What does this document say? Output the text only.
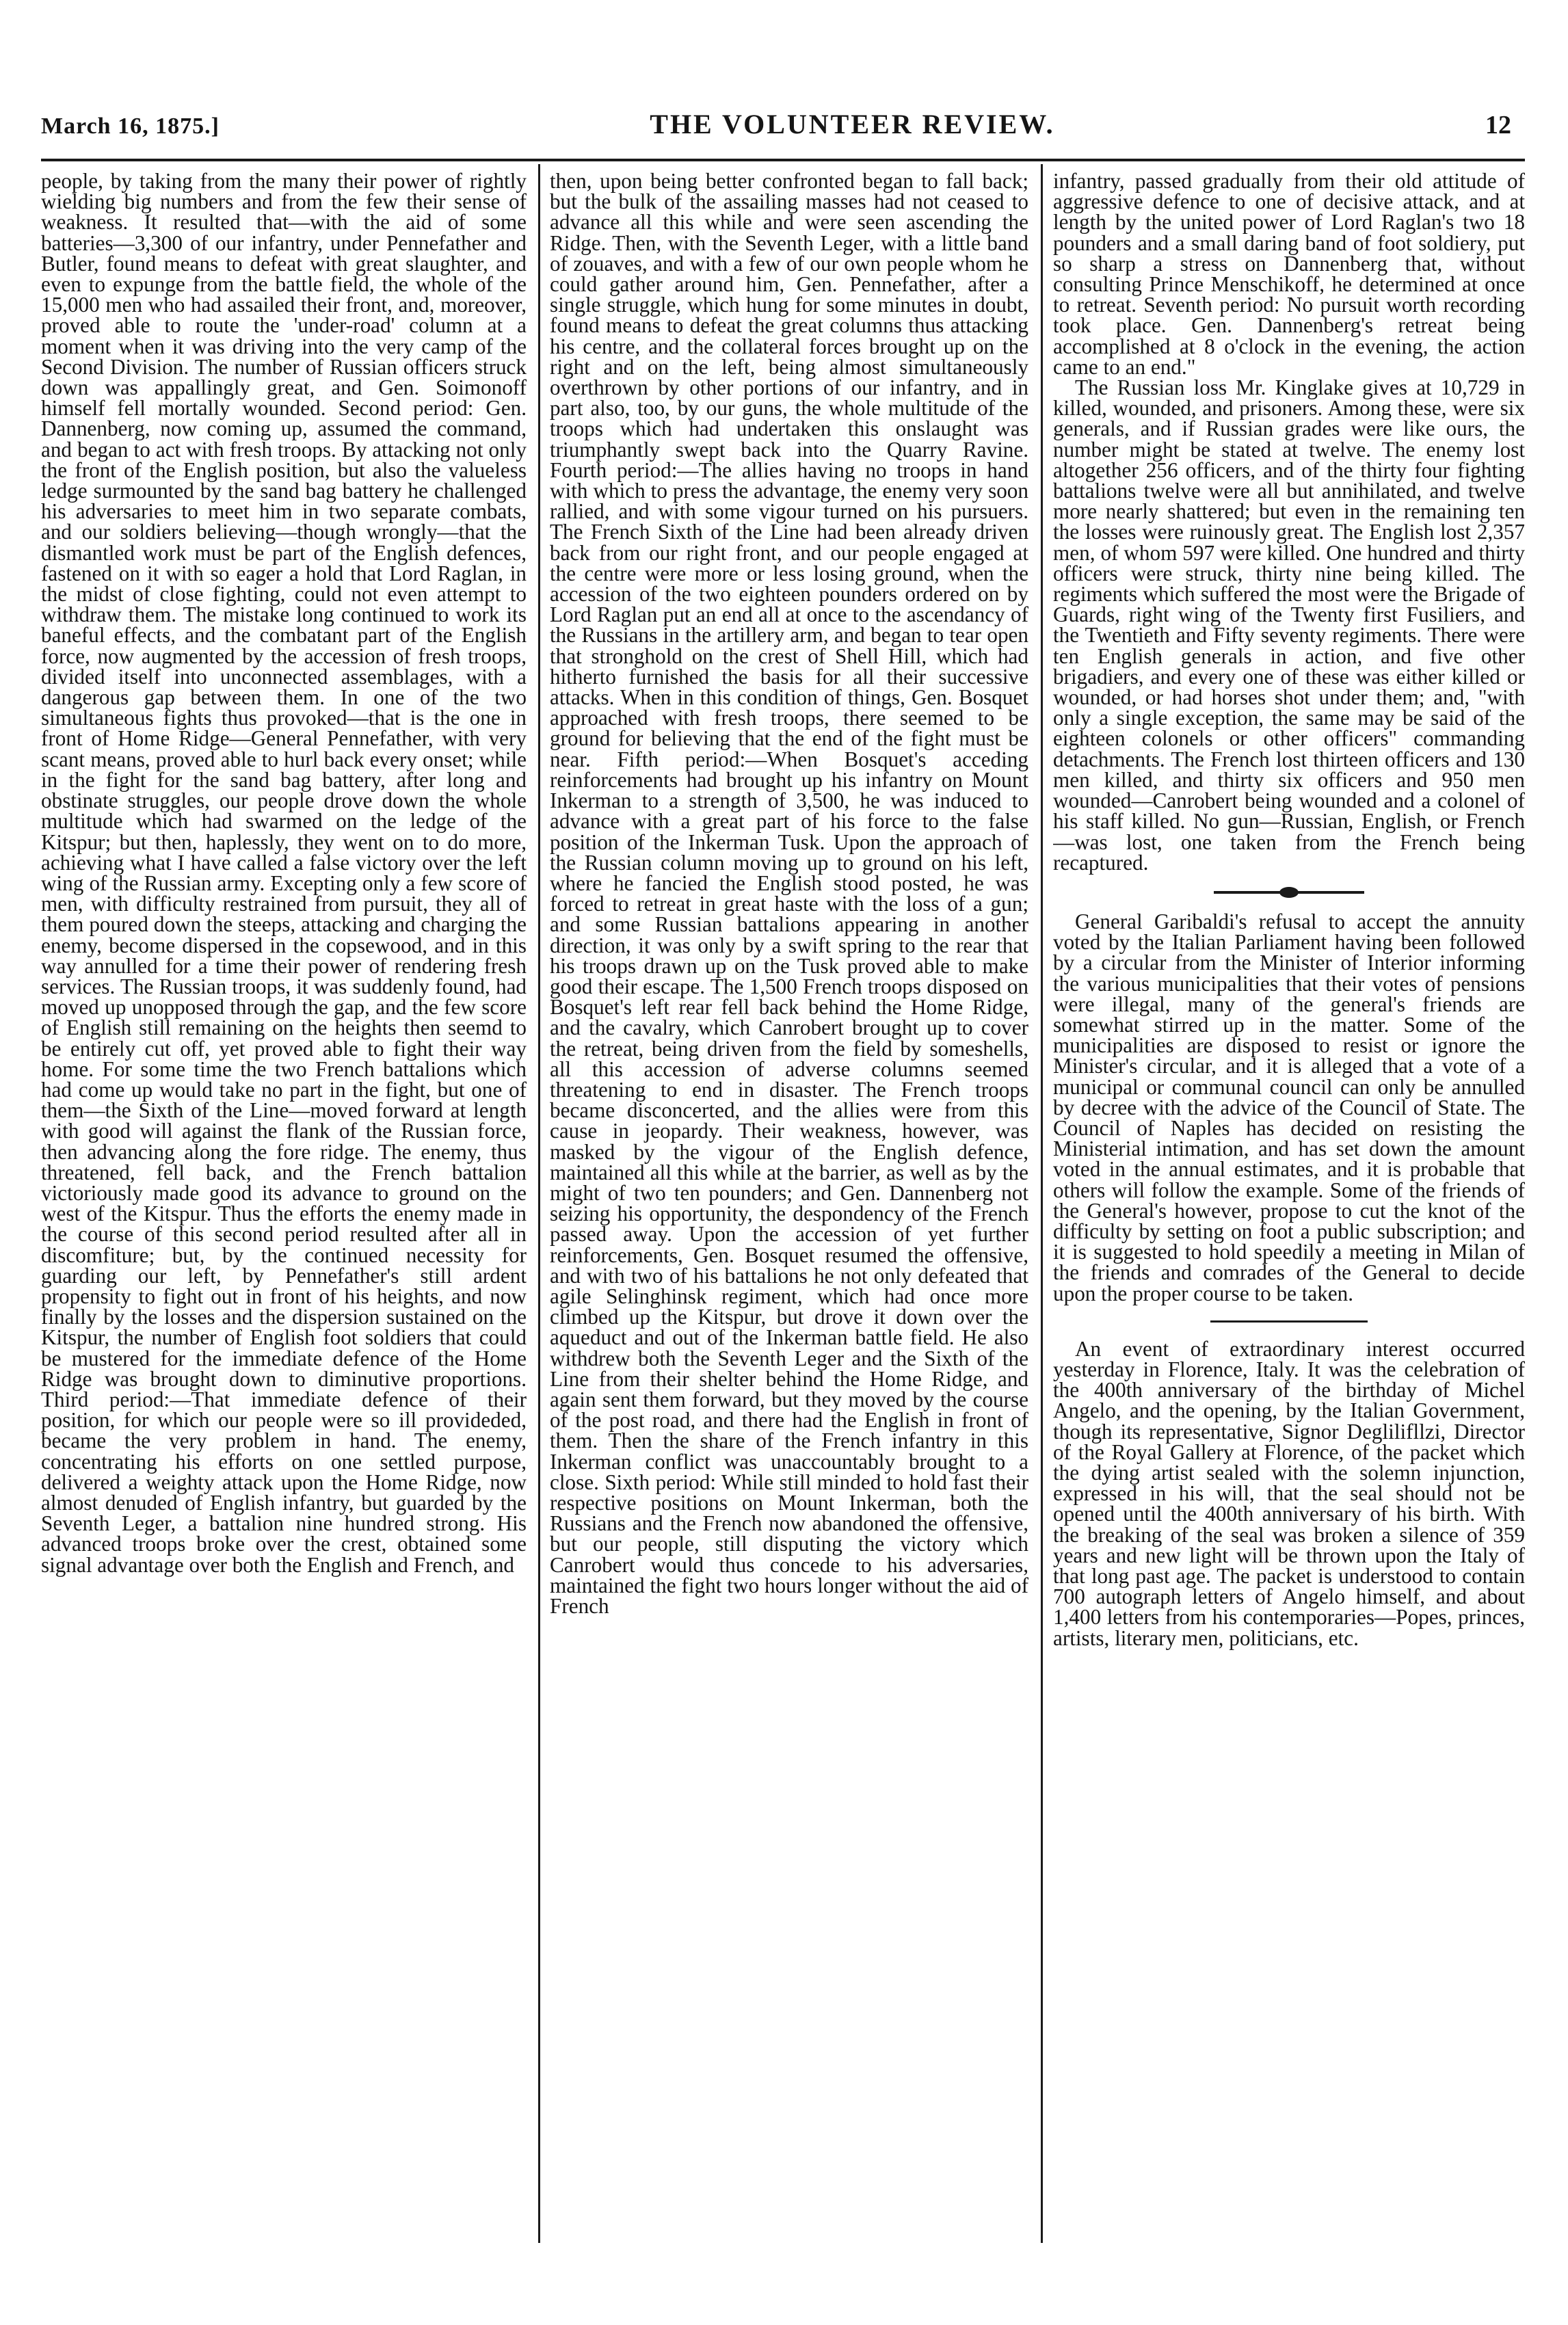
March 16, 1875.]	THE VOLUNTEER REVIEW.	12

people, by taking from the many their power of rightly wielding big numbers and from the few their sense of weakness. It resulted that—with the aid of some batteries—3,300 of our infantry, under Pennefather and Butler, found means to defeat with great slaughter, and even to expunge from the battle field, the whole of the 15,000 men who had assailed their front, and, moreover, proved able to route the 'under-road' column at a moment when it was driving into the very camp of the Second Division. The number of Russian officers struck down was appallingly great, and Gen. Soimonoff himself fell mortally wounded. Second period: Gen. Dannenberg, now coming up, assumed the command, and began to act with fresh troops. By attacking not only the front of the English position, but also the valueless ledge surmounted by the sand bag battery he challenged his adversaries to meet him in two separate combats, and our soldiers believing—though wrongly—that the dismantled work must be part of the English defences, fastened on it with so eager a hold that Lord Raglan, in the midst of close fighting, could not even attempt to withdraw them. The mistake long continued to work its baneful effects, and the combatant part of the English force, now augmented by the accession of fresh troops, divided itself into unconnected assemblages, with a dangerous gap between them. In one of the two simultaneous fights thus provoked—that is the one in front of Home Ridge—General Pennefather, with very scant means, proved able to hurl back every onset; while in the fight for the sand bag battery, after long and obstinate struggles, our people drove down the whole multitude which had swarmed on the ledge of the Kitspur; but then, haplessly, they went on to do more, achieving what I have called a false victory over the left wing of the Russian army. Excepting only a few score of men, with difficulty restrained from pursuit, they all of them poured down the steeps, attacking and charging the enemy, become dispersed in the copsewood, and in this way annulled for a time their power of rendering fresh services. The Russian troops, it was suddenly found, had moved up unopposed through the gap, and the few score of English still remaining on the heights then seemd to be entirely cut off, yet proved able to fight their way home. For some time the two French battalions which had come up would take no part in the fight, but one of them—the Sixth of the Line—moved forward at length with good will against the flank of the Russian force, then advancing along the fore ridge. The enemy, thus threatened, fell back, and the French battalion victoriously made good its advance to ground on the west of the Kitspur. Thus the efforts the enemy made in the course of this second period resulted after all in discomfiture; but, by the continued necessity for guarding our left, by Pennefather's still ardent propensity to fight out in front of his heights, and now finally by the losses and the dispersion sustained on the Kitspur, the number of English foot soldiers that could be mustered for the immediate defence of the Home Ridge was brought down to diminutive proportions. Third period:—That immediate defence of their position, for which our people were so ill provideded, became the very problem in hand. The enemy, concentrating his efforts on one settled purpose, delivered a weighty attack upon the Home Ridge, now almost denuded of English infantry, but guarded by the Seventh Leger, a battalion nine hundred strong. His advanced troops broke over the crest, obtained some signal advantage over both the English and French, and

then, upon being better confronted began to fall back; but the bulk of the assailing masses had not ceased to advance all this while and were seen ascending the Ridge. Then, with the Seventh Leger, with a little band of zouaves, and with a few of our own people whom he could gather around him, Gen. Pennefather, after a single struggle, which hung for some minutes in doubt, found means to defeat the great columns thus attacking his centre, and the collateral forces brought up on the right and on the left, being almost simultaneously overthrown by other portions of our infantry, and in part also, too, by our guns, the whole multitude of the troops which had undertaken this onslaught was triumphantly swept back into the Quarry Ravine. Fourth period:—The allies having no troops in hand with which to press the advantage, the enemy very soon rallied, and with some vigour turned on his pursuers. The French Sixth of the Line had been already driven back from our right front, and our people engaged at the centre were more or less losing ground, when the accession of the two eighteen pounders ordered on by Lord Raglan put an end all at once to the ascendancy of the Russians in the artillery arm, and began to tear open that stronghold on the crest of Shell Hill, which had hitherto furnished the basis for all their successive attacks. When in this condition of things, Gen. Bosquet approached with fresh troops, there seemed to be ground for believing that the end of the fight must be near. Fifth period:—When Bosquet's acceding reinforcements had brought up his infantry on Mount Inkerman to a strength of 3,500, he was induced to advance with a great part of his force to the false position of the Inkerman Tusk. Upon the approach of the Russian column moving up to ground on his left, where he fancied the English stood posted, he was forced to retreat in great haste with the loss of a gun; and some Russian battalions appearing in another direction, it was only by a swift spring to the rear that his troops drawn up on the Tusk proved able to make good their escape. The 1,500 French troops disposed on Bosquet's left rear fell back behind the Home Ridge, and the cavalry, which Canrobert brought up to cover the retreat, being driven from the field by someshells, all this accession of adverse columns seemed threatening to end in disaster. The French troops became disconcerted, and the allies were from this cause in jeopardy. Their weakness, however, was masked by the vigour of the English defence, maintained all this while at the barrier, as well as by the might of two ten pounders; and Gen. Dannenberg not seizing his opportunity, the despondency of the French passed away. Upon the accession of yet further reinforcements, Gen. Bosquet resumed the offensive, and with two of his battalions he not only defeated that agile Selinghinsk regiment, which had once more climbed up the Kitspur, but drove it down over the aqueduct and out of the Inkerman battle field. He also withdrew both the Seventh Leger and the Sixth of the Line from their shelter behind the Home Ridge, and again sent them forward, but they moved by the course of the post road, and there had the English in front of them. Then the share of the French infantry in this Inkerman conflict was unaccountably brought to a close. Sixth period: While still minded to hold fast their respective positions on Mount Inkerman, both the Russians and the French now abandoned the offensive, but our people, still disputing the victory which Canrobert would thus concede to his adversaries, maintained the fight two hours longer without the aid of French

infantry, passed gradually from their old attitude of aggressive defence to one of decisive attack, and at length by the united power of Lord Raglan's two 18 pounders and a small daring band of foot soldiery, put so sharp a stress on Dannenberg that, without consulting Prince Menschikoff, he determined at once to retreat. Seventh period: No pursuit worth recording took place. Gen. Dannenberg's retreat being accomplished at 8 o'clock in the evening, the action came to an end."

The Russian loss Mr. Kinglake gives at 10,729 in killed, wounded, and prisoners. Among these, were six generals, and if Russian grades were like ours, the number might be stated at twelve. The enemy lost altogether 256 officers, and of the thirty four fighting battalions twelve were all but annihilated, and twelve more nearly shattered; but even in the remaining ten the losses were ruinously great. The English lost 2,357 men, of whom 597 were killed. One hundred and thirty officers were struck, thirty nine being killed. The regiments which suffered the most were the Brigade of Guards, right wing of the Twenty first Fusiliers, and the Twentieth and Fifty seventy regiments. There were ten English generals in action, and five other brigadiers, and every one of these was either killed or wounded, or had horses shot under them; and, "with only a single exception, the same may be said of the eighteen colonels or other officers" commanding detachments. The French lost thirteen officers and 130 men killed, and thirty six officers and 950 men wounded—Canrobert being wounded and a colonel of his staff killed. No gun—Russian, English, or French—was lost, one taken from the French being recaptured.

General Garibaldi's refusal to accept the annuity voted by the Italian Parliament having been followed by a circular from the Minister of Interior informing the various municipalities that their votes of pensions were illegal, many of the general's friends are somewhat stirred up in the matter. Some of the municipalities are disposed to resist or ignore the Minister's circular, and it is alleged that a vote of a municipal or communal council can only be annulled by decree with the advice of the Council of State. The Council of Naples has decided on resisting the Ministerial intimation, and has set down the amount voted in the annual estimates, and it is probable that others will follow the example. Some of the friends of the General's however, propose to cut the knot of the difficulty by setting on foot a public subscription; and it is suggested to hold speedily a meeting in Milan of the friends and comrades of the General to decide upon the proper course to be taken.

An event of extraordinary interest occurred yesterday in Florence, Italy. It was the celebration of the 400th anniversary of the birthday of Michel Angelo, and the opening, by the Italian Government, though its representative, Signor Deglilifllzi, Director of the Royal Gallery at Florence, of the packet which the dying artist sealed with the solemn injunction, expressed in his will, that the seal should not be opened until the 400th anniversary of his birth. With the breaking of the seal was broken a silence of 359 years and new light will be thrown upon the Italy of that long past age. The packet is understood to contain 700 autograph letters of Angelo himself, and about 1,400 letters from his contemporaries—Popes, princes, artists, literary men, politicians, etc.
